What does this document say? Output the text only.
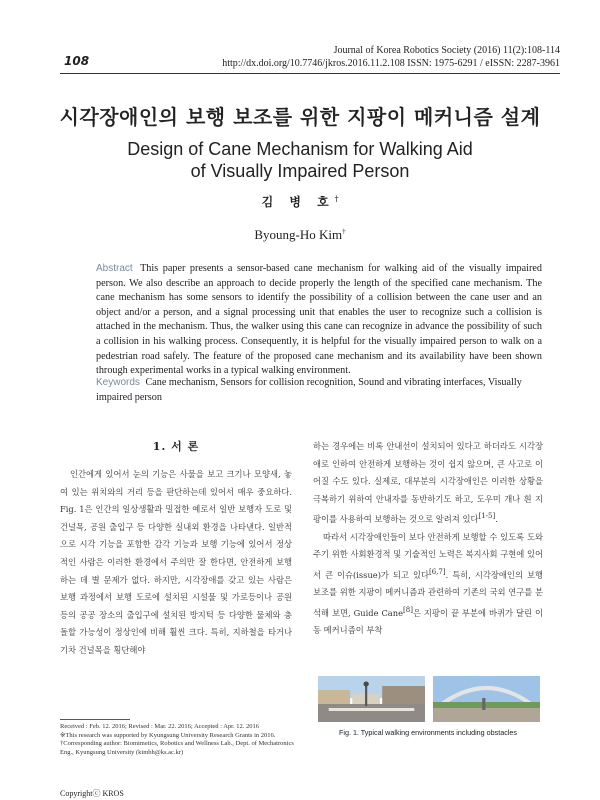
108
Journal of Korea Robotics Society (2016) 11(2):108-114
http://dx.doi.org/10.7746/jkros.2016.11.2.108 ISSN: 1975-6291 / eISSN: 2287-3961
시각장애인의 보행 보조를 위한 지팡이 메커니즘 설계
Design of Cane Mechanism for Walking Aid
of Visually Impaired Person
김 병 호†
Byoung-Ho Kim†
Abstract This paper presents a sensor-based cane mechanism for walking aid of the visually impaired person. We also describe an approach to decide properly the length of the specified cane mechanism. The cane mechanism has some sensors to identify the possibility of a collision between the cane user and an object and/or a person, and a signal processing unit that enables the user to recognize such a collision is attached in the mechanism. Thus, the walker using this cane can recognize in advance the possibility of such a collision in his walking process. Consequently, it is helpful for the visually impaired person to walk on a pedestrian road safely. The feature of the proposed cane mechanism and its availability have been shown through experimental works in a typical walking environment.
Keywords Cane mechanism, Sensors for collision recognition, Sound and vibrating interfaces, Visually impaired person
1. 서 론

인간에게 있어서 눈의 기능은 사물을 보고 크기나 모양새, 놓여 있는 위치와의 거리 등을 판단하는데 있어서 매우 중요하다. Fig. 1은 인간의 일상생활과 밀접한 예로서 일반 보행자 도로 및 건널목, 공원 출입구 등 다양한 실내외 환경을 나타낸다. 일반적으로 시각 기능을 포함한 감각 기능과 보행 기능에 있어서 정상적인 사람은 이러한 환경에서 주의만 잘 한다면, 안전하게 보행하는 데 별 문제가 없다. 하지만, 시각장애를 갖고 있는 사람은 보행 과정에서 보행 도로에 설치된 시설물 및 가로등이나 공원 등의 공공 장소의 출입구에 설치된 방지턱 등 다양한 물체와 충돌할 가능성이 정상인에 비해 훨씬 크다. 특히, 지하철을 타거나 기차 건널목을 횡단해야

하는 경우에는 비록 안내선이 설치되어 있다고 하더라도 시각장애로 인하여 안전하게 보행하는 것이 쉽지 않으며, 큰 사고로 이어질 수도 있다. 실제로, 대부분의 시각장애인은 이러한 상황을 극복하기 위하여 안내자를 동반하기도 하고, 도우미 개나 흰 지팡이를 사용하여 보행하는 것으로 알려져 있다[1-5].

따라서 시각장애인들이 보다 안전하게 보행할 수 있도록 도와주기 위한 사회환경적 및 기술적인 노력은 복지사회 구현에 있어서 큰 이슈(issue)가 되고 있다[6,7]. 특히, 시각장애인의 보행 보조를 위한 지팡이 메커니즘과 관련하여 기존의 국외 연구를 분석해 보면, Guide Cane[8]은 지팡이 끝 부분에 바퀴가 달린 이동 메커니즘이 부착

Fig. 1. Typical walking environments including obstacles
Received : Feb. 12. 2016; Revised : Mar. 22. 2016; Accepted : Apr. 12. 2016
※This research was supported by Kyungsung University Research Grants in 2016.
†Corresponding author: Biomimetics, Robotics and Wellness Lab., Dept. of Mechatronics Eng., Kyungsung University (kimbh@ks.ac.kr)
Copyrightⓒ KROS
